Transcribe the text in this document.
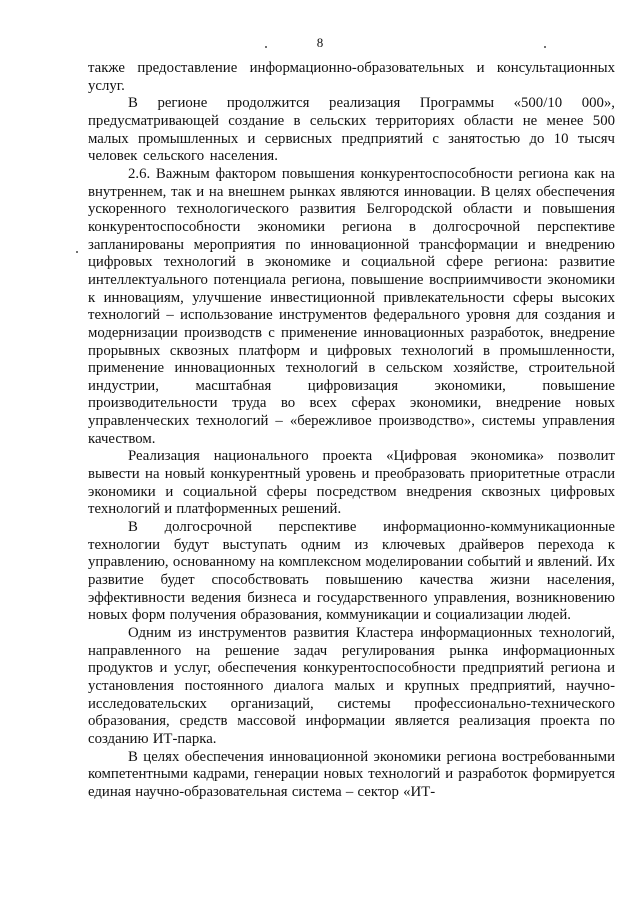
8

также предоставление информационно-образовательных и консультационных услуг.

В регионе продолжится реализация Программы «500/10 000», предусматривающей создание в сельских территориях области не менее 500 малых промышленных и сервисных предприятий с занятостью до 10 тысяч человек сельского населения.

2.6. Важным фактором повышения конкурентоспособности региона как на внутреннем, так и на внешнем рынках являются инновации. В целях обеспечения ускоренного технологического развития Белгородской области и повышения конкурентоспособности экономики региона в долгосрочной перспективе запланированы мероприятия по инновационной трансформации и внедрению цифровых технологий в экономике и социальной сфере региона: развитие интеллектуального потенциала региона, повышение восприимчивости экономики к инновациям, улучшение инвестиционной привлекательности сферы высоких технологий – использование инструментов федерального уровня для создания и модернизации производств с применение инновационных разработок, внедрение прорывных сквозных платформ и цифровых технологий в промышленности, применение инновационных технологий в сельском хозяйстве, строительной индустрии, масштабная цифровизация экономики, повышение производительности труда во всех сферах экономики, внедрение новых управленческих технологий – «бережливое производство», системы управления качеством.

Реализация национального проекта «Цифровая экономика» позволит вывести на новый конкурентный уровень и преобразовать приоритетные отрасли экономики и социальной сферы посредством внедрения сквозных цифровых технологий и платформенных решений.

В долгосрочной перспективе информационно-коммуникационные технологии будут выступать одним из ключевых драйверов перехода к управлению, основанному на комплексном моделировании событий и явлений. Их развитие будет способствовать повышению качества жизни населения, эффективности ведения бизнеса и государственного управления, возникновению новых форм получения образования, коммуникации и социализации людей.

Одним из инструментов развития Кластера информационных технологий, направленного на решение задач регулирования рынка информационных продуктов и услуг, обеспечения конкурентоспособности предприятий региона и установления постоянного диалога малых и крупных предприятий, научно-исследовательских организаций, системы профессионально-технического образования, средств массовой информации является реализация проекта по созданию ИТ-парка.

В целях обеспечения инновационной экономики региона востребованными компетентными кадрами, генерации новых технологий и разработок формируется единая научно-образовательная система – сектор «ИТ-
